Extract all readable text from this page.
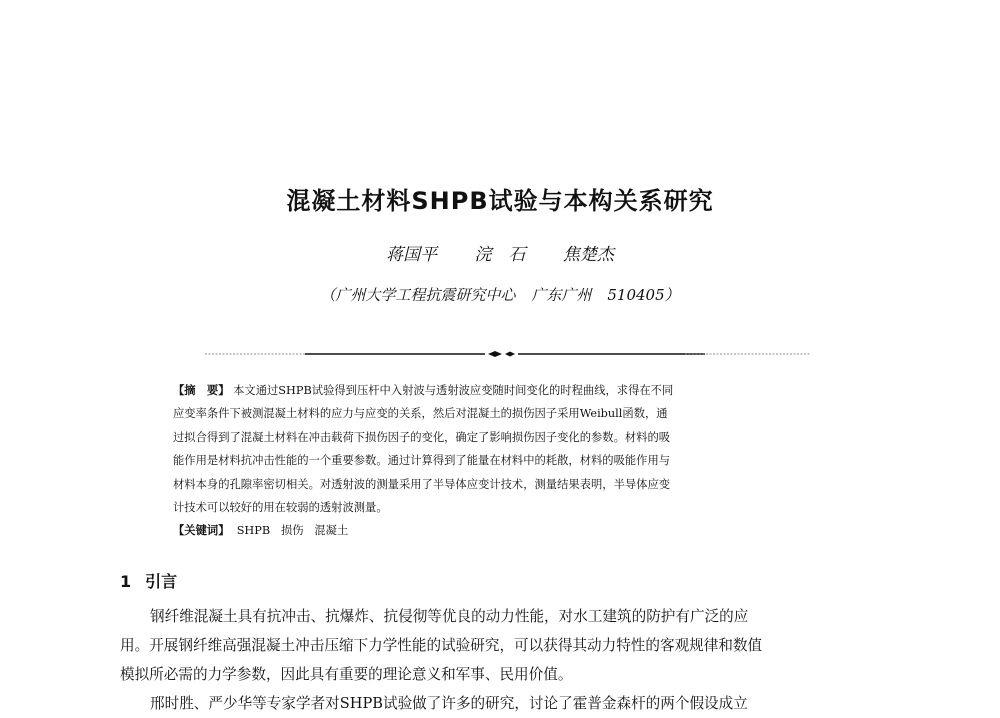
混凝土材料SHPB试验与本构关系研究
蒋国平 浣　石 焦楚杰
（广州大学工程抗震研究中心 广东广州 510405）
【摘　要】 本文通过SHPB试验得到压杆中入射波与透射波应变随时间变化的时程曲线，求得在不同
应变率条件下被测混凝土材料的应力与应变的关系，然后对混凝土的损伤因子采用Weibull函数，通
过拟合得到了混凝土材料在冲击载荷下损伤因子的变化，确定了影响损伤因子变化的参数。材料的吸
能作用是材料抗冲击性能的一个重要参数。通过计算得到了能量在材料中的耗散，材料的吸能作用与
材料本身的孔隙率密切相关。对透射波的测量采用了半导体应变计技术，测量结果表明，半导体应变
计技术可以较好的用在较弱的透射波测量。
【关键词】 SHPB 损伤 混凝土
1 引言
钢纤维混凝土具有抗冲击、抗爆炸、抗侵彻等优良的动力性能，对水工建筑的防护有广泛的应
用。开展钢纤维高强混凝土冲击压缩下力学性能的试验研究，可以获得其动力特性的客观规律和数值
模拟所必需的力学参数，因此具有重要的理论意义和军事、民用价值。
邢时胜、严少华等专家学者对SHPB试验做了许多的研究，讨论了霍普金森杆的两个假设成立
